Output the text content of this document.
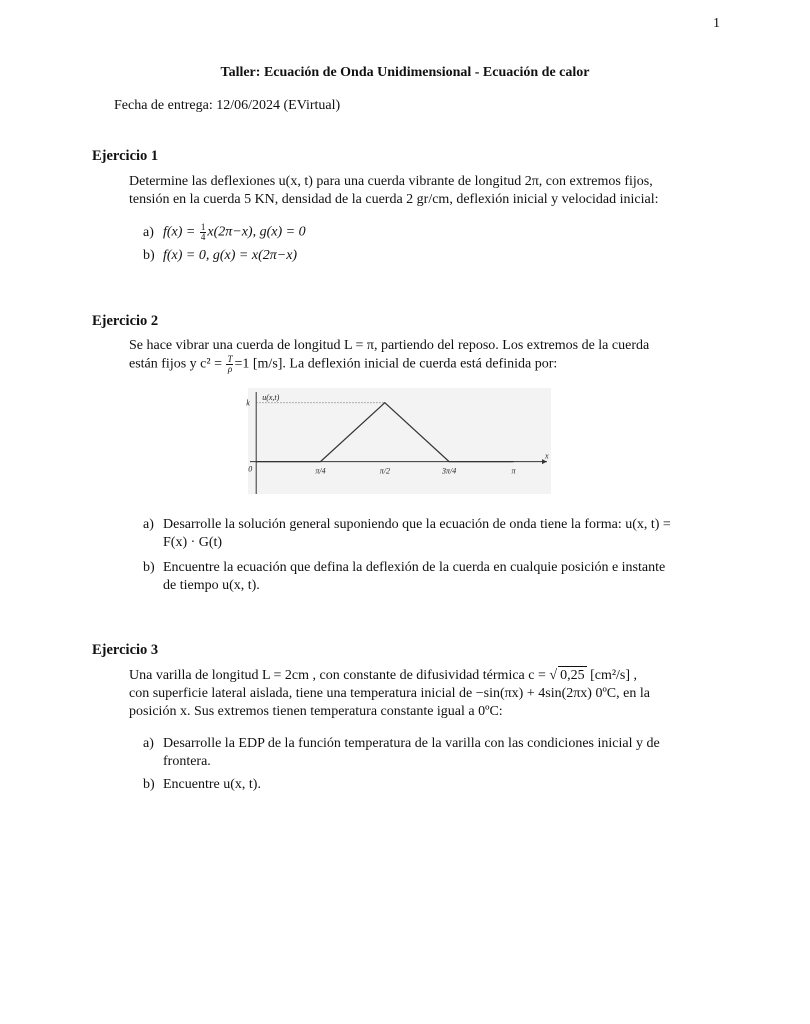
1
Taller: Ecuación de Onda Unidimensional - Ecuación de calor
Fecha de entrega: 12/06/2024 (EVirtual)
Ejercicio 1
Determine las deflexiones u(x, t) para una cuerda vibrante de longitud 2π, con extremos fijos,
tensión en la cuerda 5 KN, densidad de la cuerda 2 gr/cm, deflexión inicial y velocidad inicial:
a) $f(x) = \frac{1}{4} x(2\pi-x)$, g(x) = 0
b) f(x) = 0, g(x) = x(2π−x)
Ejercicio 2
Se hace vibrar una cuerda de longitud L = π, partiendo del reposo. Los extremos de la cuerda
están fijos y $c^2 = \frac{T}{\rho} =1$ [m/s]. La deflexión inicial de cuerda está definida por:
u(x,t)
x
k
0	π/4	π/2	3π/4	π
a) Desarrolle la solución general suponiendo que la ecuación de onda tiene la forma: u(x, t) =
F(x) · G(t)
b) Encuentre la ecuación que defina la deflexión de la cuerda en cualquie posición e instante
de tiempo u(x, t).
Ejercicio 3
Una varilla de longitud L = 2cm , con constante de difusividad térmica c = √ 0,25 [cm²/s] ,
con superficie lateral aislada, tiene una temperatura inicial de −sin(πx) + 4sin(2πx) 0ºC, en la
posición x. Sus extremos tienen temperatura constante igual a 0ºC:
a) Desarrolle la EDP de la función temperatura de la varilla con las condiciones inicial y de
frontera.
b) Encuentre u(x, t).
